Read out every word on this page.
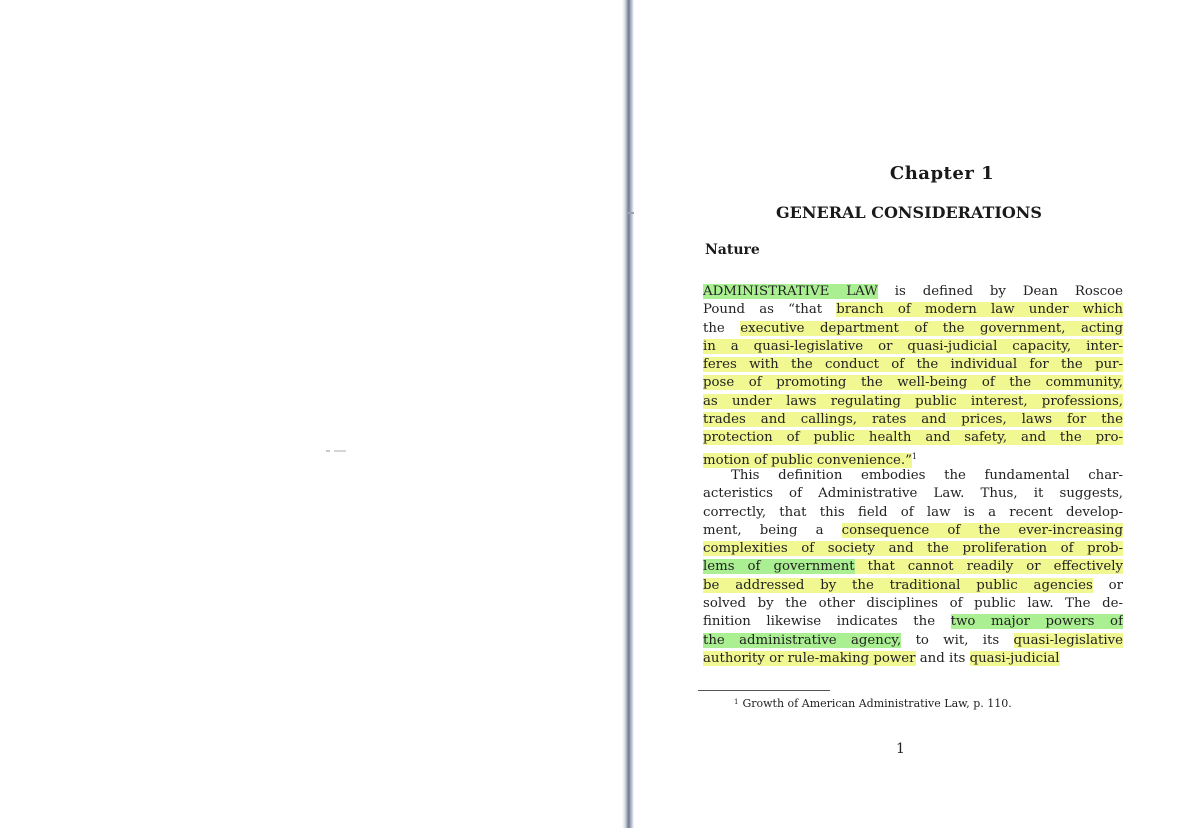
Chapter 1
GENERAL CONSIDERATIONS
Nature
ADMINISTRATIVE LAW is defined by Dean Roscoe
Pound as “that branch of modern law under which
the executive department of the government, acting
in a quasi-legislative or quasi-judicial capacity, inter-
feres with the conduct of the individual for the pur-
pose of promoting the well-being of the community,
as under laws regulating public interest, professions,
trades and callings, rates and prices, laws for the
protection of public health and safety, and the pro-
motion of public convenience.”$^1$
This definition embodies the fundamental char-
acteristics of Administrative Law. Thus, it suggests,
correctly, that this field of law is a recent develop-
ment, being a consequence of the ever-increasing
complexities of society and the proliferation of prob-
lems of government that cannot readily or effectively
be addressed by the traditional public agencies or
solved by the other disciplines of public law. The de-
finition likewise indicates the two major powers of
the administrative agency, to wit, its quasi-legislative
authority or rule-making power and its quasi-judicial
$^1$ Growth of American Administrative Law, p. 110.
1
